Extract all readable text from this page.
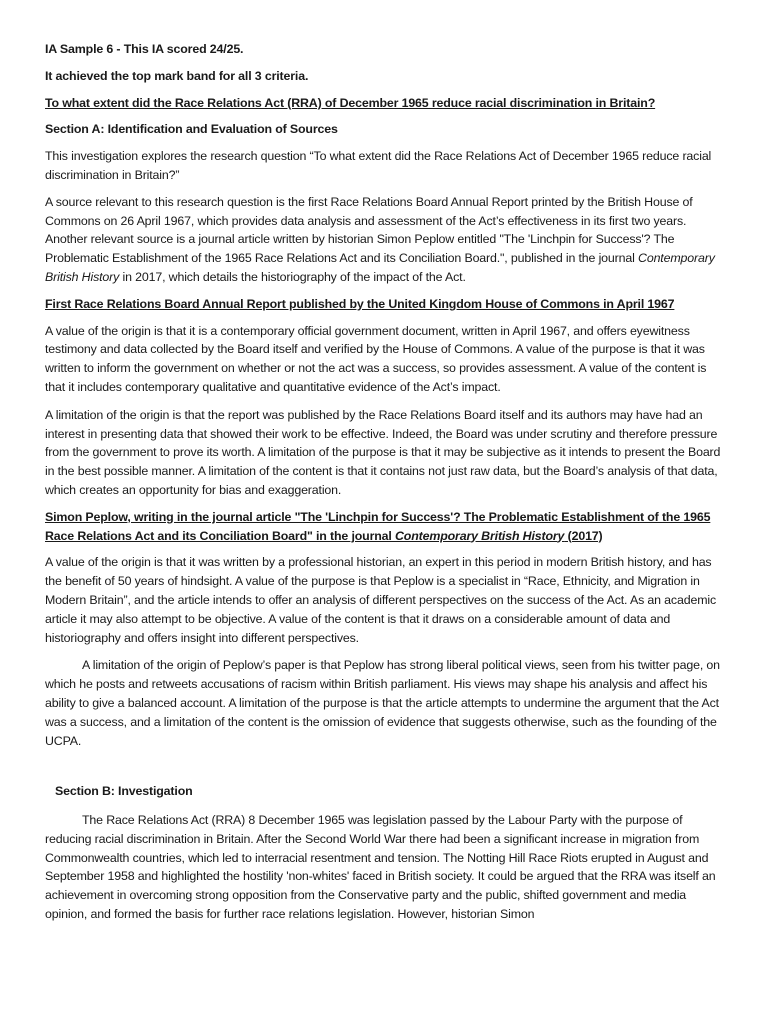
IA Sample 6 - This IA scored 24/25.

It achieved the top mark band for all 3 criteria.

To what extent did the Race Relations Act (RRA) of December 1965 reduce racial discrimination in Britain?

Section A: Identification and Evaluation of Sources

This investigation explores the research question “To what extent did the Race Relations Act of December 1965 reduce racial discrimination in Britain?”

A source relevant to this research question is the first Race Relations Board Annual Report printed by the British House of Commons on 26 April 1967, which provides data analysis and assessment of the Act’s effectiveness in its first two years. Another relevant source is a journal article written by historian Simon Peplow entitled "The 'Linchpin for Success'? The Problematic Establishment of the 1965 Race Relations Act and its Conciliation Board.", published in the journal Contemporary British History in 2017, which details the historiography of the impact of the Act.

First Race Relations Board Annual Report published by the United Kingdom House of Commons in April 1967

A value of the origin is that it is a contemporary official government document, written in April 1967, and offers eyewitness testimony and data collected by the Board itself and verified by the House of Commons. A value of the purpose is that it was written to inform the government on whether or not the act was a success, so provides assessment. A value of the content is that it includes contemporary qualitative and quantitative evidence of the Act’s impact.

A limitation of the origin is that the report was published by the Race Relations Board itself and its authors may have had an interest in presenting data that showed their work to be effective. Indeed, the Board was under scrutiny and therefore pressure from the government to prove its worth. A limitation of the purpose is that it may be subjective as it intends to present the Board in the best possible manner. A limitation of the content is that it contains not just raw data, but the Board’s analysis of that data, which creates an opportunity for bias and exaggeration.

Simon Peplow, writing in the journal article "The 'Linchpin for Success'? The Problematic Establishment of the 1965 Race Relations Act and its Conciliation Board" in the journal Contemporary British History (2017)

A value of the origin is that it was written by a professional historian, an expert in this period in modern British history, and has the benefit of 50 years of hindsight. A value of the purpose is that Peplow is a specialist in “Race, Ethnicity, and Migration in Modern Britain”, and the article intends to offer an analysis of different perspectives on the success of the Act. As an academic article it may also attempt to be objective. A value of the content is that it draws on a considerable amount of data and historiography and offers insight into different perspectives.

A limitation of the origin of Peplow’s paper is that Peplow has strong liberal political views, seen from his twitter page, on which he posts and retweets accusations of racism within British parliament. His views may shape his analysis and affect his ability to give a balanced account. A limitation of the purpose is that the article attempts to undermine the argument that the Act was a success, and a limitation of the content is the omission of evidence that suggests otherwise, such as the founding of the UCPA.

Section B: Investigation

The Race Relations Act (RRA) 8 December 1965 was legislation passed by the Labour Party with the purpose of reducing racial discrimination in Britain. After the Second World War there had been a significant increase in migration from Commonwealth countries, which led to interracial resentment and tension. The Notting Hill Race Riots erupted in August and September 1958 and highlighted the hostility 'non-whites' faced in British society. It could be argued that the RRA was itself an achievement in overcoming strong opposition from the Conservative party and the public, shifted government and media opinion, and formed the basis for further race relations legislation. However, historian Simon
